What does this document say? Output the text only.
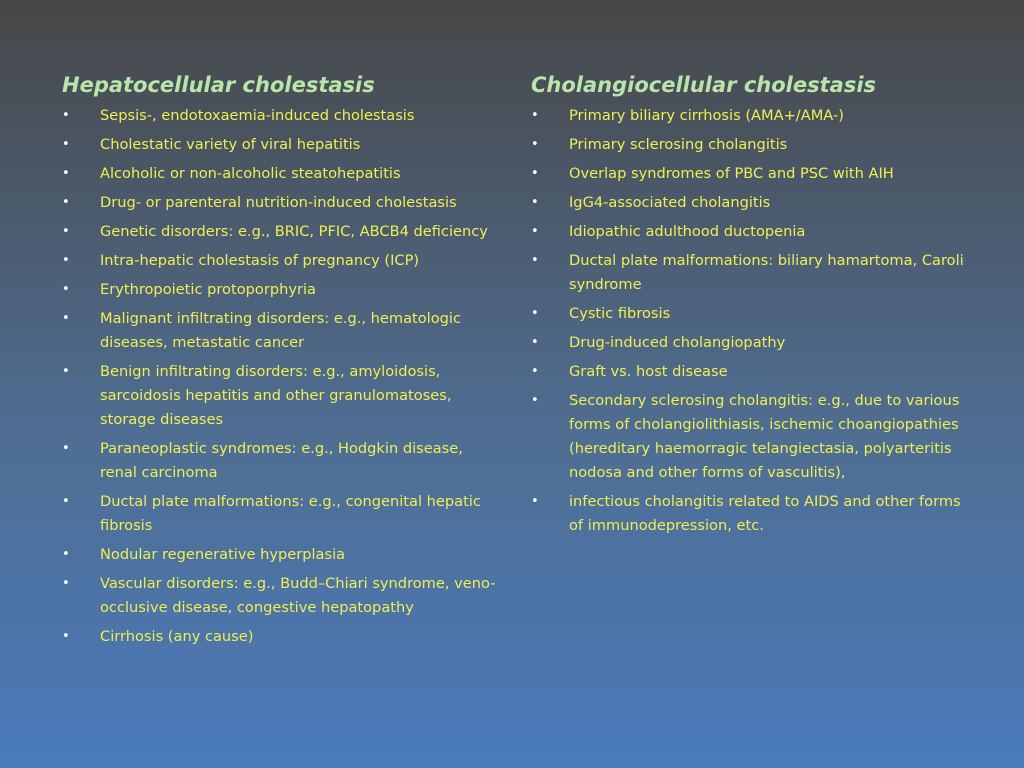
Hepatocellular cholestasis
• Sepsis-, endotoxaemia-induced cholestasis
• Cholestatic variety of viral hepatitis
• Alcoholic or non-alcoholic steatohepatitis
• Drug- or parenteral nutrition-induced cholestasis
• Genetic disorders: e.g., BRIC, PFIC, ABCB4 deficiency
• Intra-hepatic cholestasis of pregnancy (ICP)
• Erythropoietic protoporphyria
• Malignant infiltrating disorders: e.g., hematologic diseases, metastatic cancer
• Benign infiltrating disorders: e.g., amyloidosis, sarcoidosis hepatitis and other granulomatoses, storage diseases
• Paraneoplastic syndromes: e.g., Hodgkin disease, renal carcinoma
• Ductal plate malformations: e.g., congenital hepatic fibrosis
• Nodular regenerative hyperplasia
• Vascular disorders: e.g., Budd–Chiari syndrome, veno-occlusive disease, congestive hepatopathy
• Cirrhosis (any cause)
Cholangiocellular cholestasis
• Primary biliary cirrhosis (AMA+/AMA-)
• Primary sclerosing cholangitis
• Overlap syndromes of PBC and PSC with AIH
• IgG4-associated cholangitis
• Idiopathic adulthood ductopenia
• Ductal plate malformations: biliary hamartoma, Caroli syndrome
• Cystic fibrosis
• Drug-induced cholangiopathy
• Graft vs. host disease
• Secondary sclerosing cholangitis: e.g., due to various forms of cholangiolithiasis, ischemic choangiopathies (hereditary haemorragic telangiectasia, polyarteritis nodosa and other forms of vasculitis),
• infectious cholangitis related to AIDS and other forms of immunodepression, etc.
